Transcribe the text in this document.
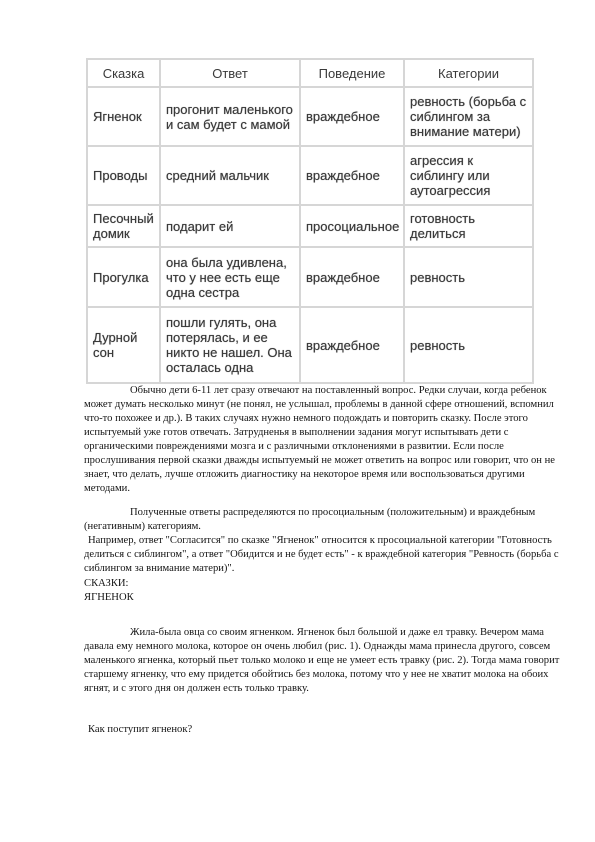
Сказка	Ответ	Поведение	Категории
Ягненок	прогонит маленького и сам будет с мамой	враждебное	ревность (борьба с сиблингом за внимание матери)
Проводы	средний мальчик	враждебное	агрессия к сиблингу или аутоагрессия
Песочный домик	подарит ей	просоциальное	готовность делиться
Прогулка	она была удивлена, что у нее есть еще одна сестра	враждебное	ревность
Дурной сон	пошли гулять, она потерялась, и ее никто не нашел. Она осталась одна	враждебное	ревность

Обычно дети 6-11 лет сразу отвечают на поставленный вопрос. Редки случаи, когда ребенок может думать несколько минут (не понял, не услышал, проблемы в данной сфере отношений, вспомнил что-то похожее и др.). В таких случаях нужно немного подождать и повторить сказку. После этого испытуемый уже готов отвечать. Затрудненья в выполнении задания могут испытывать дети с органическими повреждениями мозга и с различными отклонениями в развитии. Если после прослушивания первой сказки дважды испытуемый не может ответить на вопрос или говорит, что он не знает, что делать, лучше отложить диагностику на некоторое время или воспользоваться другими методами.

Полученные ответы распределяются по просоциальным (положительным) и враждебным (негативным) категориям.

Например, ответ "Согласится" по сказке "Ягненок" относится к просоциальной категории "Готовность делиться с сиблингом", а ответ "Обидится и не будет есть" - к враждебной категория "Ревность (борьба с сиблингом за внимание матери)".

СКАЗКИ:

ЯГНЕНОК

Жила-была овца со своим ягненком. Ягненок был большой и даже ел травку. Вечером мама давала ему немного молока, которое он очень любил (рис. 1). Однажды мама принесла другого, совсем маленького ягненка, который пьет только молоко и еще не умеет есть травку (рис. 2). Тогда мама говорит старшему ягненку, что ему придется обойтись без молока, потому что у нее не хватит молока на обоих ягнят, и с этого дня он должен есть только травку.

Как поступит ягненок?
